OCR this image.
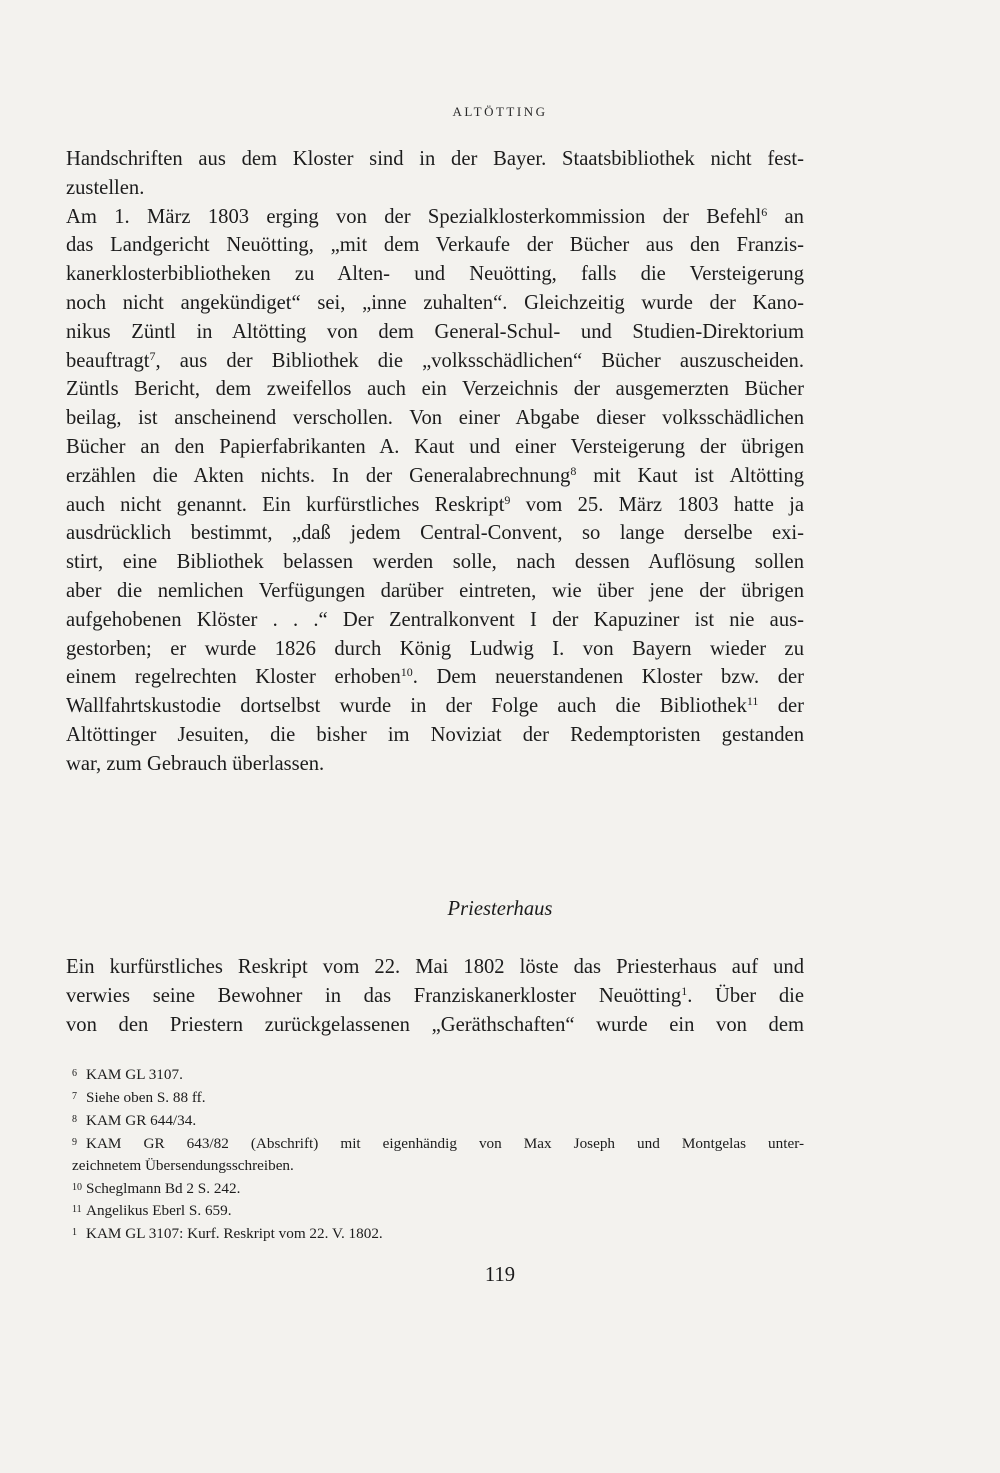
ALTÖTTING
Handschriften aus dem Kloster sind in der Bayer. Staatsbibliothek nicht fest-
zustellen.
Am 1. März 1803 erging von der Spezialklosterkommission der Befehl$^6$ an
das Landgericht Neuötting, „mit dem Verkaufe der Bücher aus den Franzis-
kanerklosterbibliotheken zu Alten- und Neuötting, falls die Versteigerung
noch nicht angekündiget“ sei, „inne zuhalten“. Gleichzeitig wurde der Kano-
nikus Züntl in Altötting von dem General-Schul- und Studien-Direktorium
beauftragt$^7$, aus der Bibliothek die „volksschädlichen“ Bücher auszuscheiden.
Züntls Bericht, dem zweifellos auch ein Verzeichnis der ausgemerzten Bücher
beilag, ist anscheinend verschollen. Von einer Abgabe dieser volksschädlichen
Bücher an den Papierfabrikanten A. Kaut und einer Versteigerung der übrigen
erzählen die Akten nichts. In der Generalabrechnung$^8$ mit Kaut ist Altötting
auch nicht genannt. Ein kurfürstliches Reskript$^9$ vom 25. März 1803 hatte ja
ausdrücklich bestimmt, „daß jedem Central-Convent, so lange derselbe exi-
stirt, eine Bibliothek belassen werden solle, nach dessen Auflösung sollen
aber die nemlichen Verfügungen darüber eintreten, wie über jene der übrigen
aufgehobenen Klöster . . .“ Der Zentralkonvent I der Kapuziner ist nie aus-
gestorben; er wurde 1826 durch König Ludwig I. von Bayern wieder zu
einem regelrechten Kloster erhoben$^{10}$. Dem neuerstandenen Kloster bzw. der
Wallfahrtskustodie dortselbst wurde in der Folge auch die Bibliothek$^{11}$ der
Altöttinger Jesuiten, die bisher im Noviziat der Redemptoristen gestanden
war, zum Gebrauch überlassen.
Priesterhaus
Ein kurfürstliches Reskript vom 22. Mai 1802 löste das Priesterhaus auf und
verwies seine Bewohner in das Franziskanerkloster Neuötting$^1$. Über die
von den Priestern zurückgelassenen „Geräthschaften“ wurde ein von dem
6 KAM GL 3107.
7 Siehe oben S. 88 ff.
8 KAM GR 644/34.
9 KAM GR 643/82 (Abschrift) mit eigenhändig von Max Joseph und Montgelas unter-
zeichnetem Übersendungsschreiben.
10 Scheglmann Bd 2 S. 242.
11 Angelikus Eberl S. 659.
1 KAM GL 3107: Kurf. Reskript vom 22. V. 1802.
119
